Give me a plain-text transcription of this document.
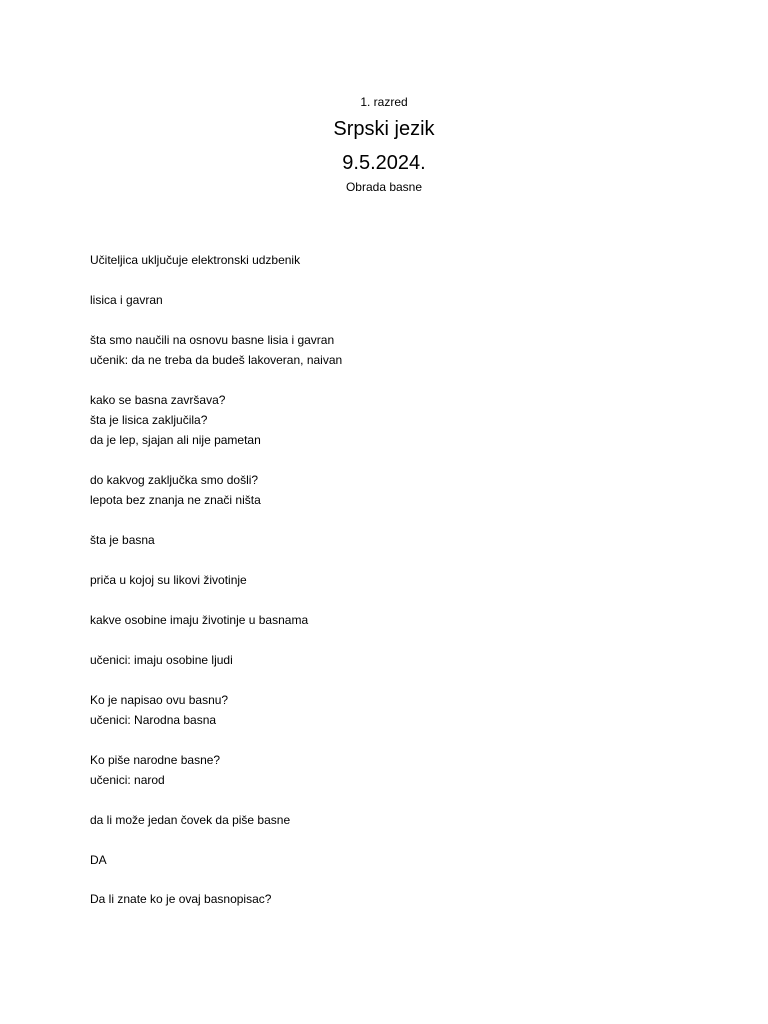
1. razred
Srpski jezik
9.5.2024.
Obrada basne
Učiteljica uključuje elektronski udzbenik
lisica i gavran
šta smo naučili na osnovu basne lisia i gavran
učenik: da ne treba da budeš lakoveran, naivan
kako se basna završava?
šta je lisica zaključila?
da je lep, sjajan ali nije pametan
do kakvog zaključka smo došli?
lepota bez znanja ne znači ništa
šta je basna
priča u kojoj su likovi životinje
kakve osobine imaju životinje u basnama
učenici: imaju osobine ljudi
Ko je napisao ovu basnu?
učenici: Narodna basna
Ko piše narodne basne?
učenici: narod
da li može jedan čovek da piše basne
DA
Da li znate ko je ovaj basnopisac?
